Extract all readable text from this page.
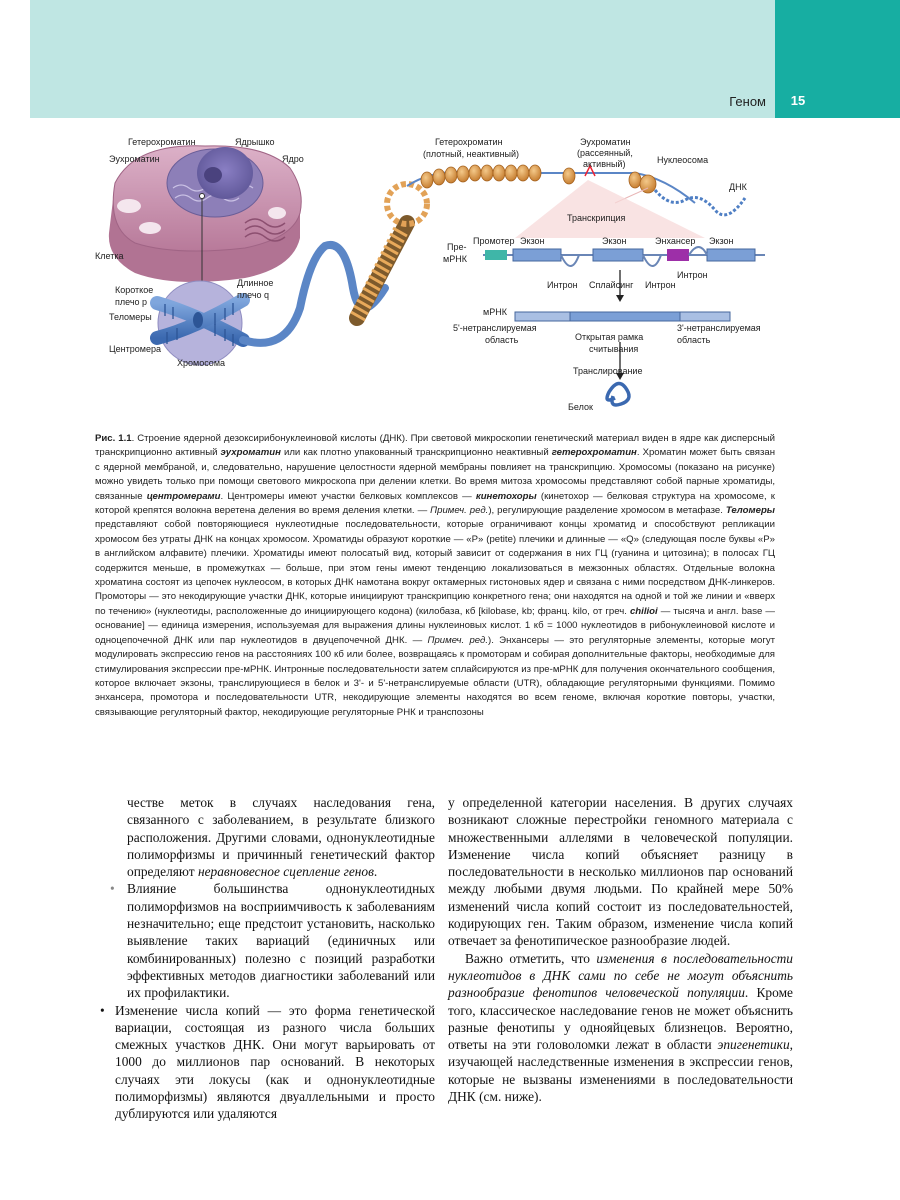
Геном	15
Гетерохроматин	Ядрышко
Эухроматин	Ядро
Клетка
Короткое
плечо p
Длинное
плечо q
Теломеры
Центромера
Хромосома
Гетерохроматин
(плотный, неактивный)
Эухроматин
(рассеянный,
активный)	Нуклеосома
ДНК
Транскрипция
Пре-
мРНК
Промотер Экзон	Экзон	Энхансер Экзон
Интрон
Интрон Сплайсинг Интрон
мРНК
5'-нетранслируемая
область	Открытая рамка
считывания
3'-нетранслируемая
область
Транслирование
Белок
Рис. 1.1. Строение ядерной дезоксирибонуклеиновой кислоты (ДНК). При световой микроскопии генетический материал виден в ядре как дисперсный транскрипционно активный эухроматин или как плотно упакованный транскрипционно неактивный гетерохроматин. Хроматин может быть связан с ядерной мембраной, и, следовательно, нарушение целостности ядерной мембраны повлияет на транскрипцию. Хромосомы (показано на рисунке) можно увидеть только при помощи светового микроскопа при делении клетки. Во время митоза хромосомы представляют собой парные хроматиды, связанные центромерами. Центромеры имеют участки белковых комплексов — кинетохоры (кинетохор — белковая структура на хромосоме, к которой крепятся волокна веретена деления во время деления клетки. — Примеч. ред.), регулирующие разделение хромосом в метафазе. Теломеры представляют собой повторяющиеся нуклеотидные последовательности, которые ограничивают концы хроматид и способствуют репликации хромосом без утраты ДНК на концах хромосом. Хроматиды образуют короткие — «P» (petite) плечики и длинные — «Q» (следующая после буквы «P» в английском алфавите) плечики. Хроматиды имеют полосатый вид, который зависит от содержания в них ГЦ (гуанина и цитозина); в полосах ГЦ содержится меньше, в промежутках — больше, при этом гены имеют тенденцию локализоваться в межзонных областях. Отдельные волокна хроматина состоят из цепочек нуклеосом, в которых ДНК намотана вокруг октамерных гистоновых ядер и связана с ними посредством ДНК-линкеров. Промоторы — это некодирующие участки ДНК, которые инициируют транскрипцию конкретного гена; они находятся на одной и той же линии и «вверх по течению» (нуклеотиды, расположенные до инициирующего кодона) (килобаза, кб [kilobase, kb; франц. kilo, от греч. chilioi — тысяча и англ. base — основание] — единица измерения, используемая для выражения длины нуклеиновых кислот. 1 кб = 1000 нуклеотидов в рибонуклеиновой кислоте и одноцепочечной ДНК или пар нуклеотидов в двуцепочечной ДНК. — Примеч. ред.). Энхансеры — это регуляторные элементы, которые могут модулировать экспрессию генов на расстояниях 100 кб или более, возвращаясь к промоторам и собирая дополнительные факторы, необходимые для стимулирования экспрессии пре-мРНК. Интронные последовательности затем сплайсируются из пре-мРНК для получения окончательного сообщения, которое включает экзоны, транслирующиеся в белок и 3'- и 5'-нетранслируемые области (UTR), обладающие регуляторными функциями. Помимо энхансера, промотора и последовательности UTR, некодирующие элементы находятся во всем геноме, включая короткие повторы, участки, связывающие регуляторный фактор, некодирующие регуляторные РНК и транспозоны

честве меток в случаях наследования гена, связанного с заболеванием, в результате близкого расположения. Другими словами, однонуклеотидные полиморфизмы и причинный генетический фактор определяют неравновесное сцепление генов.

• Влияние большинства однонуклеотидных полиморфизмов на восприимчивость к заболеваниям незначительно; еще предстоит установить, насколько выявление таких вариаций (единичных или комбинированных) полезно с позиций разработки эффективных методов диагностики заболеваний или их профилактики.

• Изменение числа копий — это форма генетической вариации, состоящая из разного числа больших смежных участков ДНК. Они могут варьировать от 1000 до миллионов пар оснований. В некоторых случаях эти локусы (как и однонуклеотидные полиморфизмы) являются двуаллельными и просто дублируются или удаляются

у определенной категории населения. В других случаях возникают сложные перестройки геномного материала с множественными аллелями в человеческой популяции. Изменение числа копий объясняет разницу в последовательности в несколько миллионов пар оснований между любыми двумя людьми. По крайней мере 50% изменений числа копий состоит из последовательностей, кодирующих ген. Таким образом, изменение числа копий отвечает за фенотипическое разнообразие людей.

Важно отметить, что изменения в последовательности нуклеотидов в ДНК сами по себе не могут объяснить разнообразие фенотипов человеческой популяции. Кроме того, классическое наследование генов не может объяснить разные фенотипы у однояйцевых близнецов. Вероятно, ответы на эти головоломки лежат в области эпигенетики, изучающей наследственные изменения в экспрессии генов, которые не вызваны изменениями в последовательности ДНК (см. ниже).
